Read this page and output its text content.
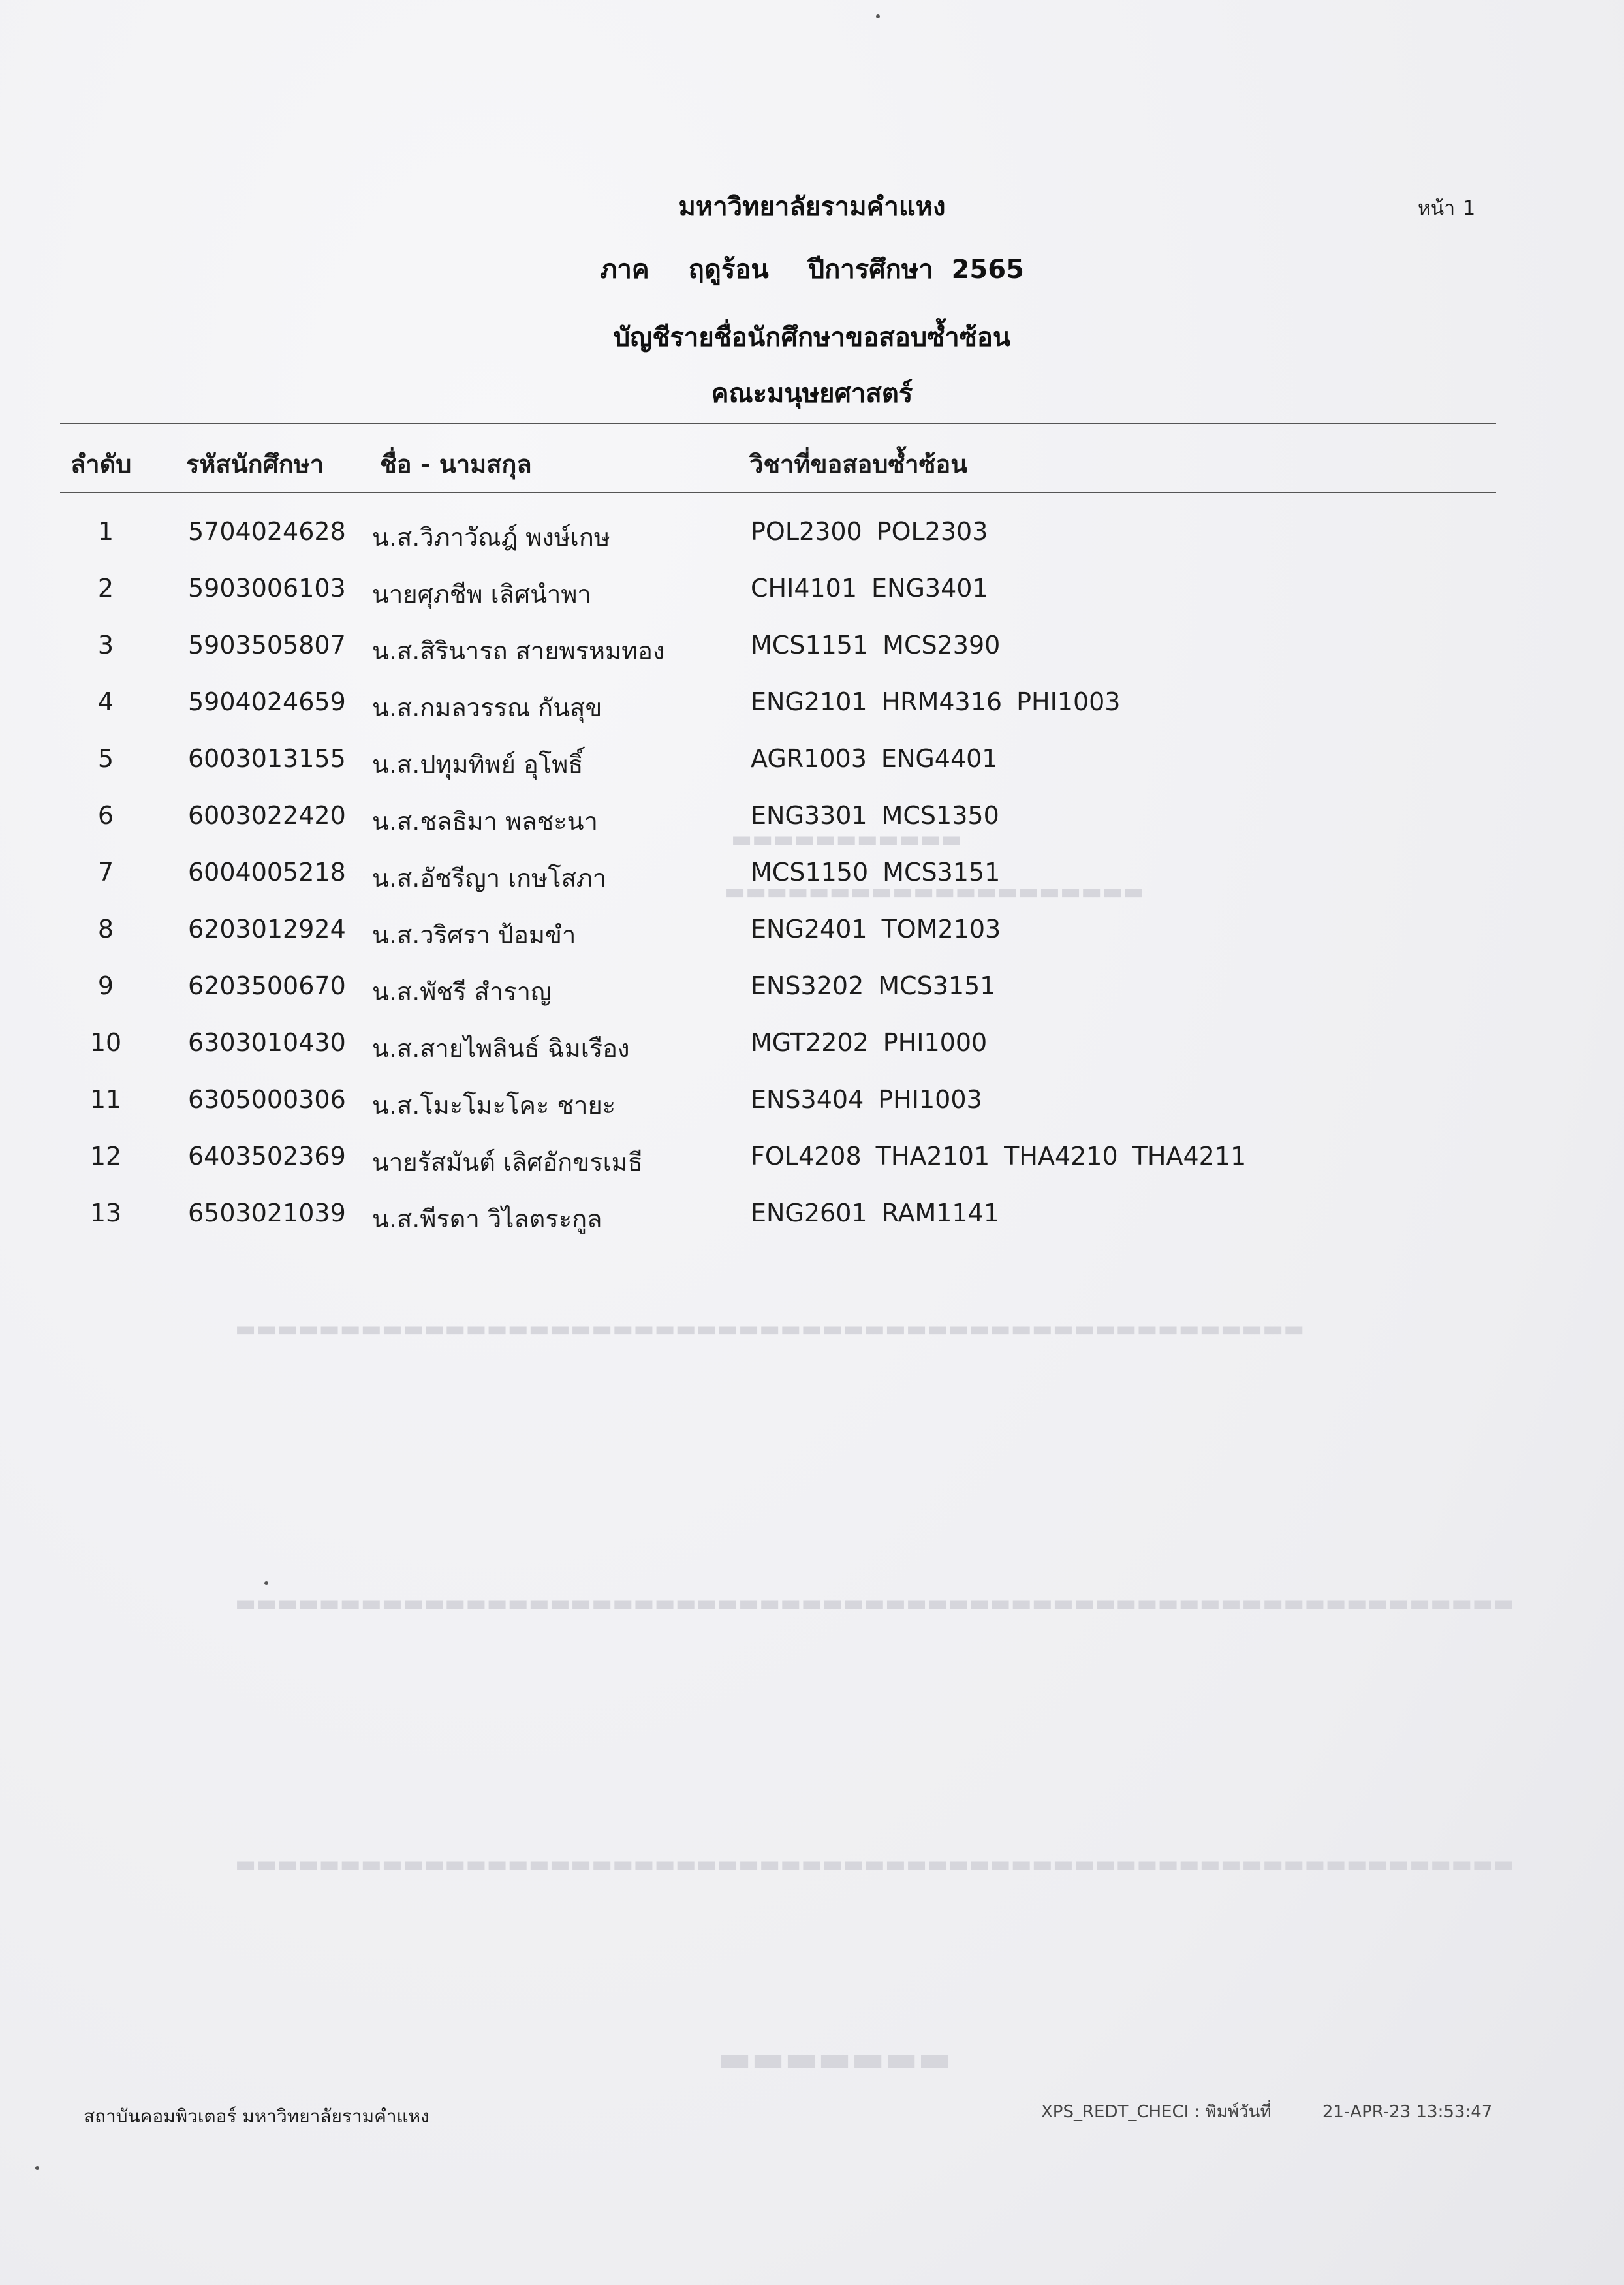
▬▬▬▬▬▬▬▬▬▬▬
▬▬▬▬▬▬▬▬▬▬▬▬▬▬▬▬▬▬▬▬
▬▬▬▬▬▬▬▬▬▬▬▬▬▬▬▬▬▬▬▬▬▬▬▬▬▬▬▬▬▬▬▬▬▬▬▬▬▬▬▬▬▬▬▬▬▬▬▬▬▬▬
▬▬▬▬▬▬▬▬▬▬▬▬▬▬▬▬▬▬▬▬▬▬▬▬▬▬▬▬▬▬▬▬▬▬▬▬▬▬▬▬▬▬▬▬▬▬▬▬▬▬▬▬▬▬▬▬▬▬▬▬▬
▬▬▬▬▬▬▬▬▬▬▬▬▬▬▬▬▬▬▬▬▬▬▬▬▬▬▬▬▬▬▬▬▬▬▬▬▬▬▬▬▬▬▬▬▬▬▬▬▬▬▬▬▬▬▬▬▬▬▬▬▬
▬▬▬▬▬▬▬
มหาวิทยาลัยรามคำแหง	หน้า 1
ภาค ฤดูร้อน ปีการศึกษา 2565
บัญชีรายชื่อนักศึกษาขอสอบซ้ำซ้อน
คณะมนุษยศาสตร์
ลำดับ รหัสนักศึกษา ชื่อ - นามสกุล	วิชาที่ขอสอบซ้ำซ้อน
1	5704024628 น.ส.วิภาวัณฎ์ พงษ์เกษ	POL2300 POL2303
2	5903006103 นายศุภชีพ เลิศนำพา	CHI4101 ENG3401
3	5903505807 น.ส.สิรินารถ สายพรหมทอง	MCS1151 MCS2390
4	5904024659 น.ส.กมลวรรณ กันสุข	ENG2101 HRM4316 PHI1003
5	6003013155 น.ส.ปทุมทิพย์ อุโพธิ์	AGR1003 ENG4401
6	6003022420 น.ส.ชลธิมา พลชะนา	ENG3301 MCS1350
7	6004005218 น.ส.อัชรีญา เกษโสภา	MCS1150 MCS3151
8	6203012924 น.ส.วริศรา ป้อมขำ	ENG2401 TOM2103
9	6203500670 น.ส.พัชรี สำราญ	ENS3202 MCS3151
10	6303010430 น.ส.สายไพลินธ์ ฉิมเรือง	MGT2202 PHI1000
11	6305000306 น.ส.โมะโมะโคะ ชายะ	ENS3404 PHI1003
12	6403502369 นายรัสมันต์ เลิศอักขรเมธี	FOL4208 THA2101 THA4210 THA4211
13	6503021039 น.ส.พีรดา วิไลตระกูล	ENG2601 RAM1141
สถาบันคอมพิวเตอร์ มหาวิทยาลัยรามคำแหง	XPS_REDT_CHECI : พิมพ์วันที่	21-APR-23 13:53:47
